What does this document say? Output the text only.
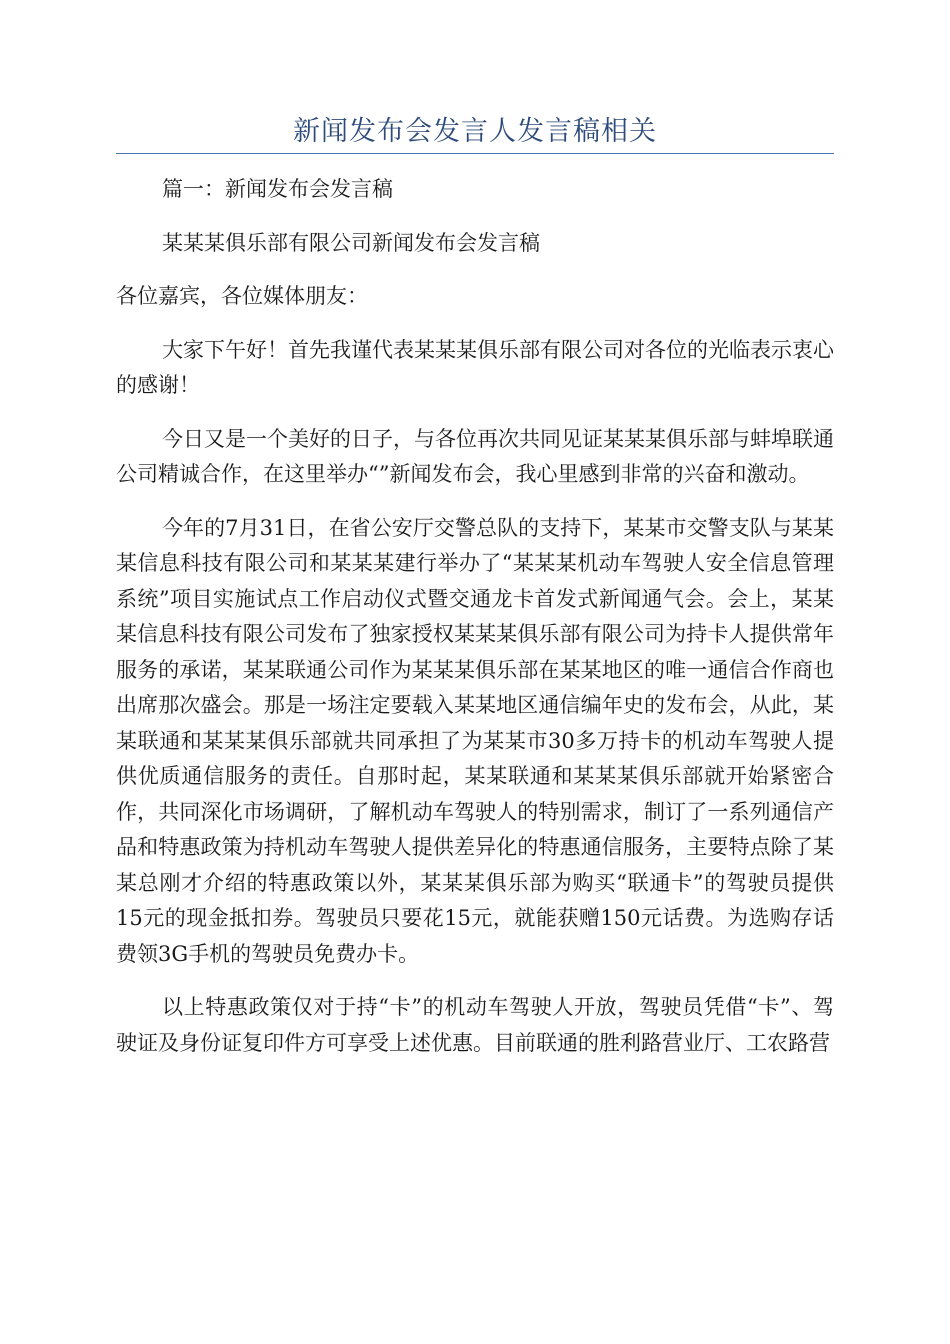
新闻发布会发言人发言稿相关

篇一：新闻发布会发言稿

某某某俱乐部有限公司新闻发布会发言稿

各位嘉宾，各位媒体朋友：

大家下午好！首先我谨代表某某某俱乐部有限公司对各位的光临表示衷心的感谢！

今日又是一个美好的日子，与各位再次共同见证某某某俱乐部与蚌埠联通公司精诚合作，在这里举办“”新闻发布会，我心里感到非常的兴奋和激动。

今年的7月31日，在省公安厅交警总队的支持下，某某市交警支队与某某某信息科技有限公司和某某某建行举办了“某某某机动车驾驶人安全信息管理系统”项目实施试点工作启动仪式暨交通龙卡首发式新闻通气会。会上，某某某信息科技有限公司发布了独家授权某某某俱乐部有限公司为持卡人提供常年服务的承诺，某某联通公司作为某某某俱乐部在某某地区的唯一通信合作商也出席那次盛会。那是一场注定要载入某某地区通信编年史的发布会，从此，某某联通和某某某俱乐部就共同承担了为某某市30多万持卡的机动车驾驶人提供优质通信服务的责任。自那时起，某某联通和某某某俱乐部就开始紧密合作，共同深化市场调研，了解机动车驾驶人的特别需求，制订了一系列通信产品和特惠政策为持机动车驾驶人提供差异化的特惠通信服务，主要特点除了某某总刚才介绍的特惠政策以外，某某某俱乐部为购买“联通卡”的驾驶员提供15元的现金抵扣券。驾驶员只要花15元，就能获赠150元话费。为选购存话费领3G手机的驾驶员免费办卡。

以上特惠政策仅对于持“卡”的机动车驾驶人开放，驾驶员凭借“卡”、驾驶证及身份证复印件方可享受上述优惠。目前联通的胜利路营业厅、工农路营
